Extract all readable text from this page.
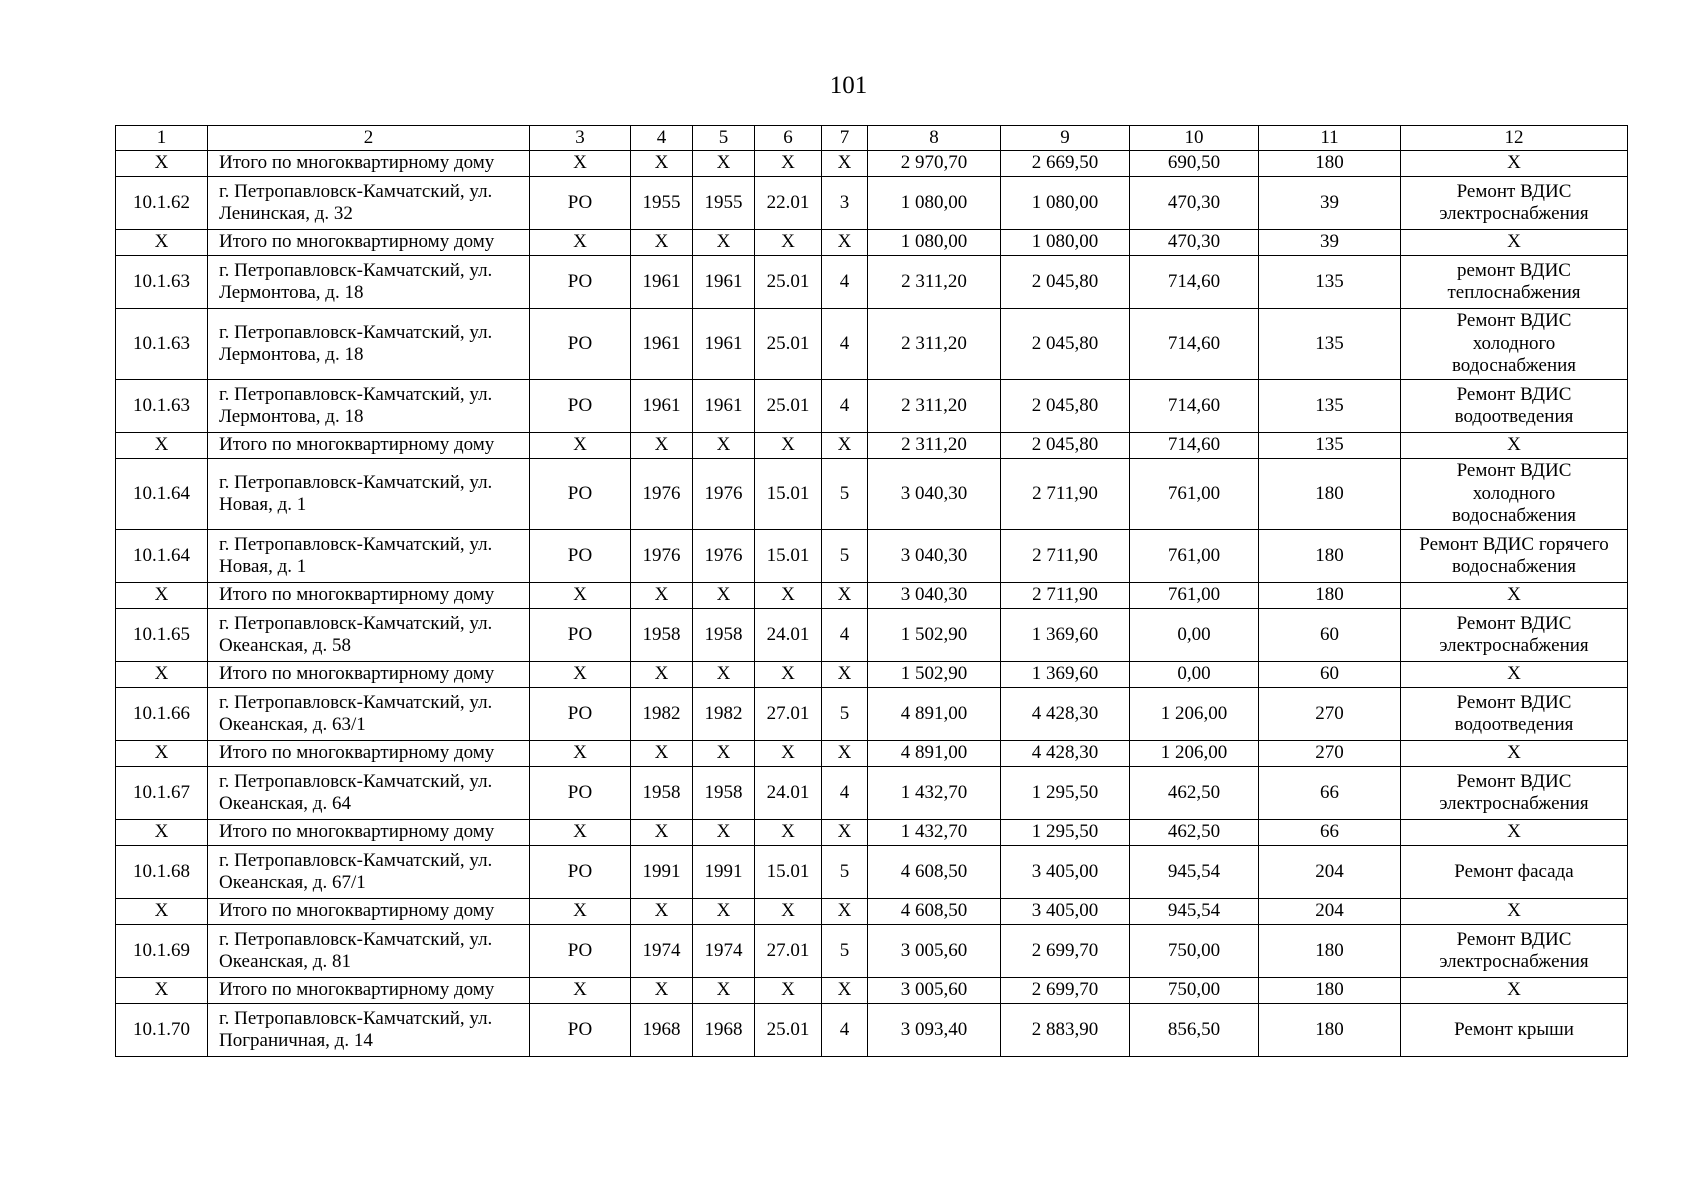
101
1	2	3	4	5	6	7	8	9	10	11	12
X	Итого по многоквартирному дому	X	X	X	X	X	2 970,70	2 669,50	690,50	180	X
10.1.62	г. Петропавловск-Камчатский, ул. Ленинская, д. 32	РО	1955	1955	22.01	3	1 080,00	1 080,00	470,30	39	Ремонт ВДИС
электроснабжения

X	Итого по многоквартирному дому	X	X	X	X	X	1 080,00	1 080,00	470,30	39	X
10.1.63	г. Петропавловск-Камчатский, ул. Лермонтова, д. 18	РО	1961	1961	25.01	4	2 311,20	2 045,80	714,60	135	ремонт ВДИС
теплоснабжения

10.1.63	г. Петропавловск-Камчатский, ул. Лермонтова, д. 18	РО	1961	1961	25.01	4	2 311,20	2 045,80	714,60	135	Ремонт ВДИС
холодного
водоснабжения

10.1.63	г. Петропавловск-Камчатский, ул. Лермонтова, д. 18	РО	1961	1961	25.01	4	2 311,20	2 045,80	714,60	135	Ремонт ВДИС
водоотведения

X	Итого по многоквартирному дому	X	X	X	X	X	2 311,20	2 045,80	714,60	135	X
10.1.64	г. Петропавловск-Камчатский, ул. Новая, д. 1	РО	1976	1976	15.01	5	3 040,30	2 711,90	761,00	180	Ремонт ВДИС
холодного
водоснабжения

10.1.64	г. Петропавловск-Камчатский, ул. Новая, д. 1	РО	1976	1976	15.01	5	3 040,30	2 711,90	761,00	180	Ремонт ВДИС горячего
водоснабжения

X	Итого по многоквартирному дому	X	X	X	X	X	3 040,30	2 711,90	761,00	180	X
10.1.65	г. Петропавловск-Камчатский, ул. Океанская, д. 58	РО	1958	1958	24.01	4	1 502,90	1 369,60	0,00	60	Ремонт ВДИС
электроснабжения

X	Итого по многоквартирному дому	X	X	X	X	X	1 502,90	1 369,60	0,00	60	X
10.1.66	г. Петропавловск-Камчатский, ул. Океанская, д. 63/1	РО	1982	1982	27.01	5	4 891,00	4 428,30	1 206,00	270	Ремонт ВДИС
водоотведения

X	Итого по многоквартирному дому	X	X	X	X	X	4 891,00	4 428,30	1 206,00	270	X
10.1.67	г. Петропавловск-Камчатский, ул. Океанская, д. 64	РО	1958	1958	24.01	4	1 432,70	1 295,50	462,50	66	Ремонт ВДИС
электроснабжения

X	Итого по многоквартирному дому	X	X	X	X	X	1 432,70	1 295,50	462,50	66	X
10.1.68	г. Петропавловск-Камчатский, ул. Океанская, д. 67/1	РО	1991	1991	15.01	5	4 608,50	3 405,00	945,54	204	Ремонт фасада

X	Итого по многоквартирному дому	X	X	X	X	X	4 608,50	3 405,00	945,54	204	X
10.1.69	г. Петропавловск-Камчатский, ул. Океанская, д. 81	РО	1974	1974	27.01	5	3 005,60	2 699,70	750,00	180	Ремонт ВДИС
электроснабжения

X	Итого по многоквартирному дому	X	X	X	X	X	3 005,60	2 699,70	750,00	180	X
10.1.70	г. Петропавловск-Камчатский, ул. Пограничная, д. 14	РО	1968	1968	25.01	4	3 093,40	2 883,90	856,50	180	Ремонт крыши
